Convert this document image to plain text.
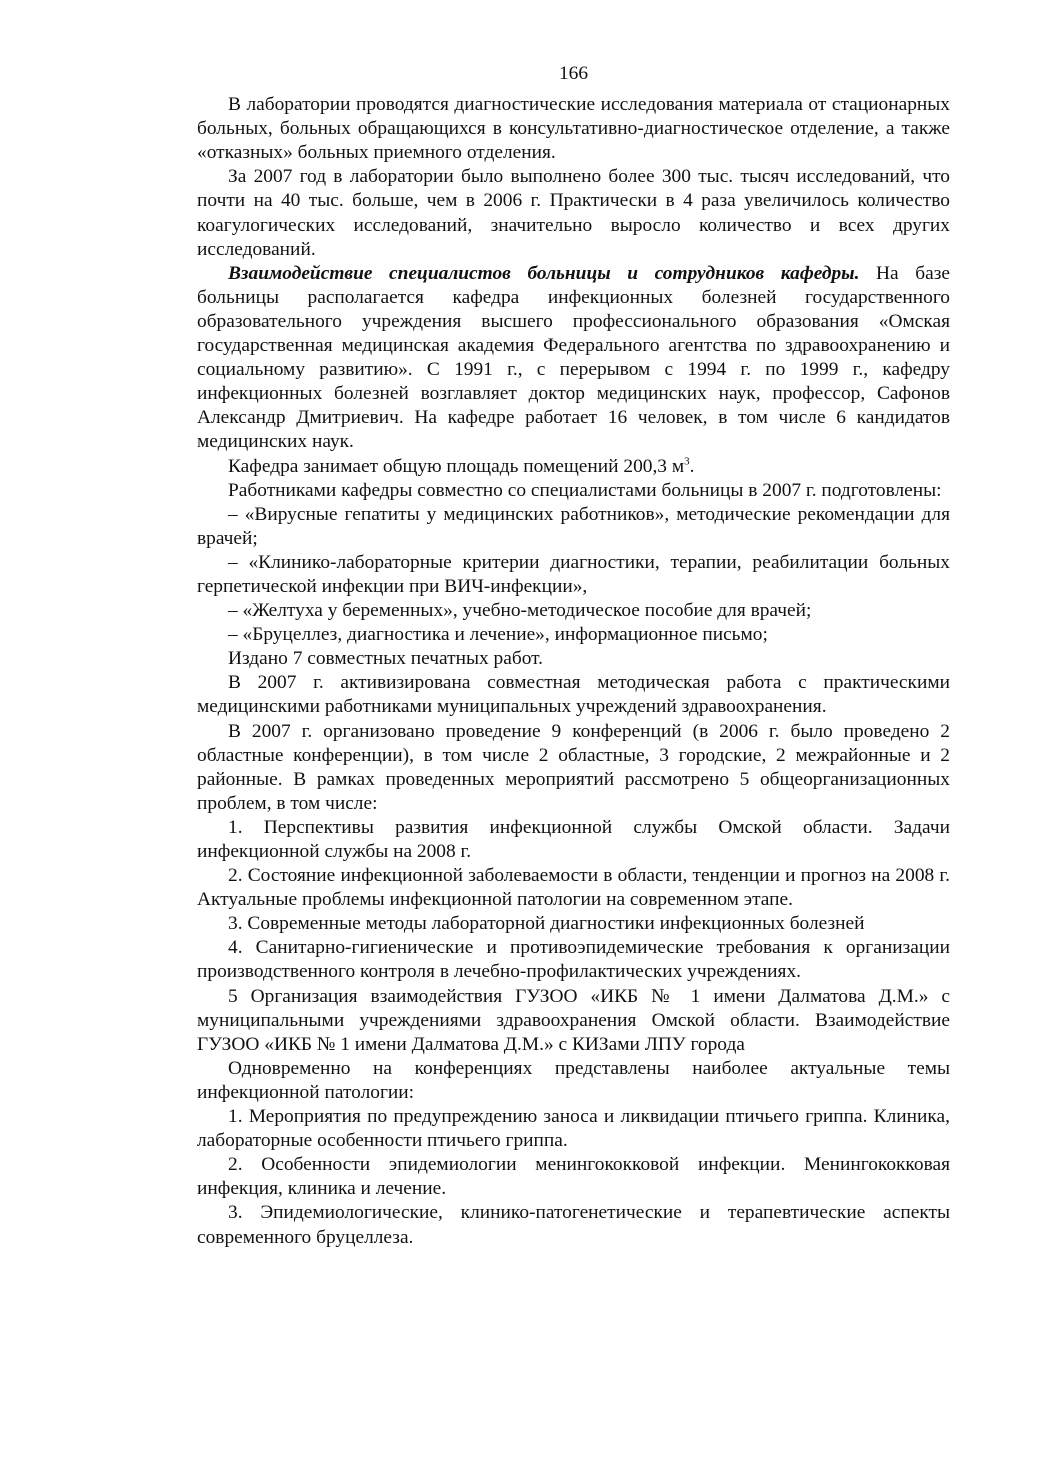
166

В лаборатории проводятся диагностические исследования материала от стационарных больных, больных обращающихся в консультативно-диагностическое отделение, а также «отказных» больных приемного отделения.

За 2007 год в лаборатории было выполнено более 300 тыс. тысяч исследований, что почти на 40 тыс. больше, чем в 2006 г. Практически в 4 раза увеличилось количество коагулогических исследований, значительно выросло количество и всех других исследований.

Взаимодействие специалистов больницы и сотрудников кафедры. На базе больницы располагается кафедра инфекционных болезней государственного образовательного учреждения высшего профессионального образования «Омская государственная медицинская академия Федерального агентства по здравоохранению и социальному развитию». С 1991 г., с перерывом с 1994 г. по 1999 г., кафедру инфекционных болезней возглавляет доктор медицинских наук, профессор, Сафонов Александр Дмитриевич. На кафедре работает 16 человек, в том числе 6 кандидатов медицинских наук.

Кафедра занимает общую площадь помещений 200,3 $м^3$.

Работниками кафедры совместно со специалистами больницы в 2007 г. подготовлены:

– «Вирусные гепатиты у медицинских работников», методические рекомендации для врачей;

– «Клинико-лабораторные критерии диагностики, терапии, реабилитации больных герпетической инфекции при ВИЧ-инфекции»,

– «Желтуха у беременных», учебно-методическое пособие для врачей;

– «Бруцеллез, диагностика и лечение», информационное письмо;

Издано 7 совместных печатных работ.

В 2007 г. активизирована совместная методическая работа с практическими медицинскими работниками муниципальных учреждений здравоохранения.

В 2007 г. организовано проведение 9 конференций (в 2006 г. было проведено 2 областные конференции), в том числе 2 областные, 3 городские, 2 межрайонные и 2 районные. В рамках проведенных мероприятий рассмотрено 5 общеорганизационных проблем, в том числе:

1. Перспективы развития инфекционной службы Омской области. Задачи инфекционной службы на 2008 г.

2. Состояние инфекционной заболеваемости в области, тенденции и прогноз на 2008 г. Актуальные проблемы инфекционной патологии на современном этапе.

3. Современные методы лабораторной диагностики инфекционных болезней

4. Санитарно-гигиенические и противоэпидемические требования к организации производственного контроля в лечебно-профилактических учреждениях.

5 Организация взаимодействия ГУЗОО «ИКБ № 1 имени Далматова Д.М.» с муниципальными учреждениями здравоохранения Омской области. Взаимодействие ГУЗОО «ИКБ № 1 имени Далматова Д.М.» с КИЗами ЛПУ города

Одновременно на конференциях представлены наиболее актуальные темы инфекционной патологии:

1. Мероприятия по предупреждению заноса и ликвидации птичьего гриппа. Клиника, лабораторные особенности птичьего гриппа.

2. Особенности эпидемиологии менингококковой инфекции. Менингококковая инфекция, клиника и лечение.

3. Эпидемиологические, клинико-патогенетические и терапевтические аспекты современного бруцеллеза.
